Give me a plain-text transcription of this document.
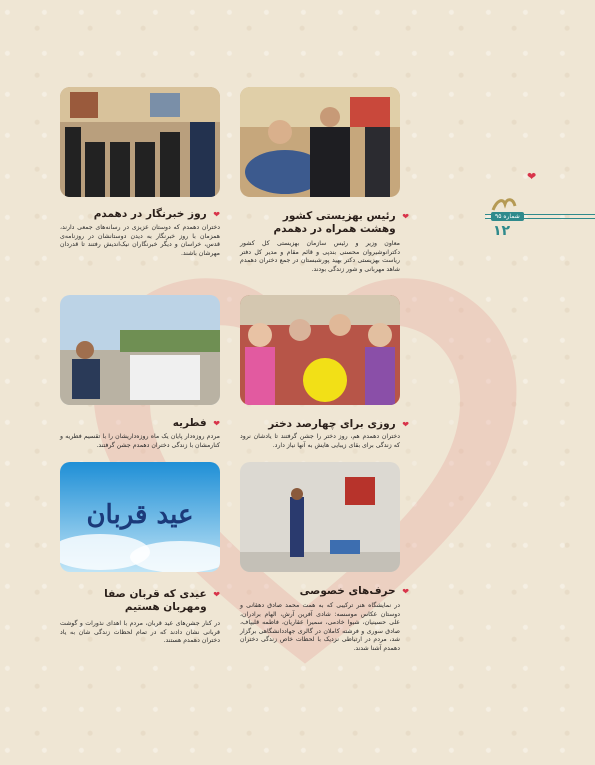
❤
شماره ۹۵
۱۲
❤ رئیس بهزیستی کشور
وهشت همراه در دهمدم
معاون وزیر و رئیس سازمان بهزیستی کل کشور دکترانوشیروان محسنی بندپی و قائم مقام و مدیر کل دفتر ریاست بهزیستی دکتر بهید پورشبستان در جمع دختران دهمدم شاهد مهربانی و شور زندگی بودند.
❤ روز خبرنگار در دهمدم
دختران دهمدم که دوستان عزیزی در رسانه‌های جمعی دارند، همزمان با روز خبرنگار به دیدن دوستانشان در روزنامه‌ی قدس، خراسان و دیگر خبرنگاران نیک‌اندیش رفتند تا قدردان مهرشان باشند.
❤ روزی برای چهارصد دختر
دختران دهمدم هم، روز دختر را جشن گرفتند تا یادشان نرود که زندگی برای بقای زیبایی هایش به آنها نیاز دارد.
❤ فطریه
مردم روزه‌دار پایان یک ماه روزه‌داریشان را با تقسیم فطریه و کنارمشان با زندگی دختران دهمدم جشن گرفتند.
عید قربان
❤ حرف‌های خصوصی
در نمایشگاه هنر ترکیبی که به همت محمد صادق دهقانی و دوستان عکاس موسسه: شادی آفرین آرش، الهام برادران، علی حسینیان، شیوا خادمی، سمیرا عقاریان، فاطمه قلیپاف، صادق سوری و فرشته کاملان در گالری جهاددانشگاهی برگزار شد، مردم در ارتباطی نزدیک با لحظات خاص زندگی دختران دهمدم آشنا شدند.
❤ عیدی که قربان صفا
ومهربان هستیم
در کنار جشن‌های عید قربان، مردم با اهدای نذورات و گوشت قربانی نشان دادند که در تمام لحظات زندگی شان به یاد دختران دهمدم هستند.
